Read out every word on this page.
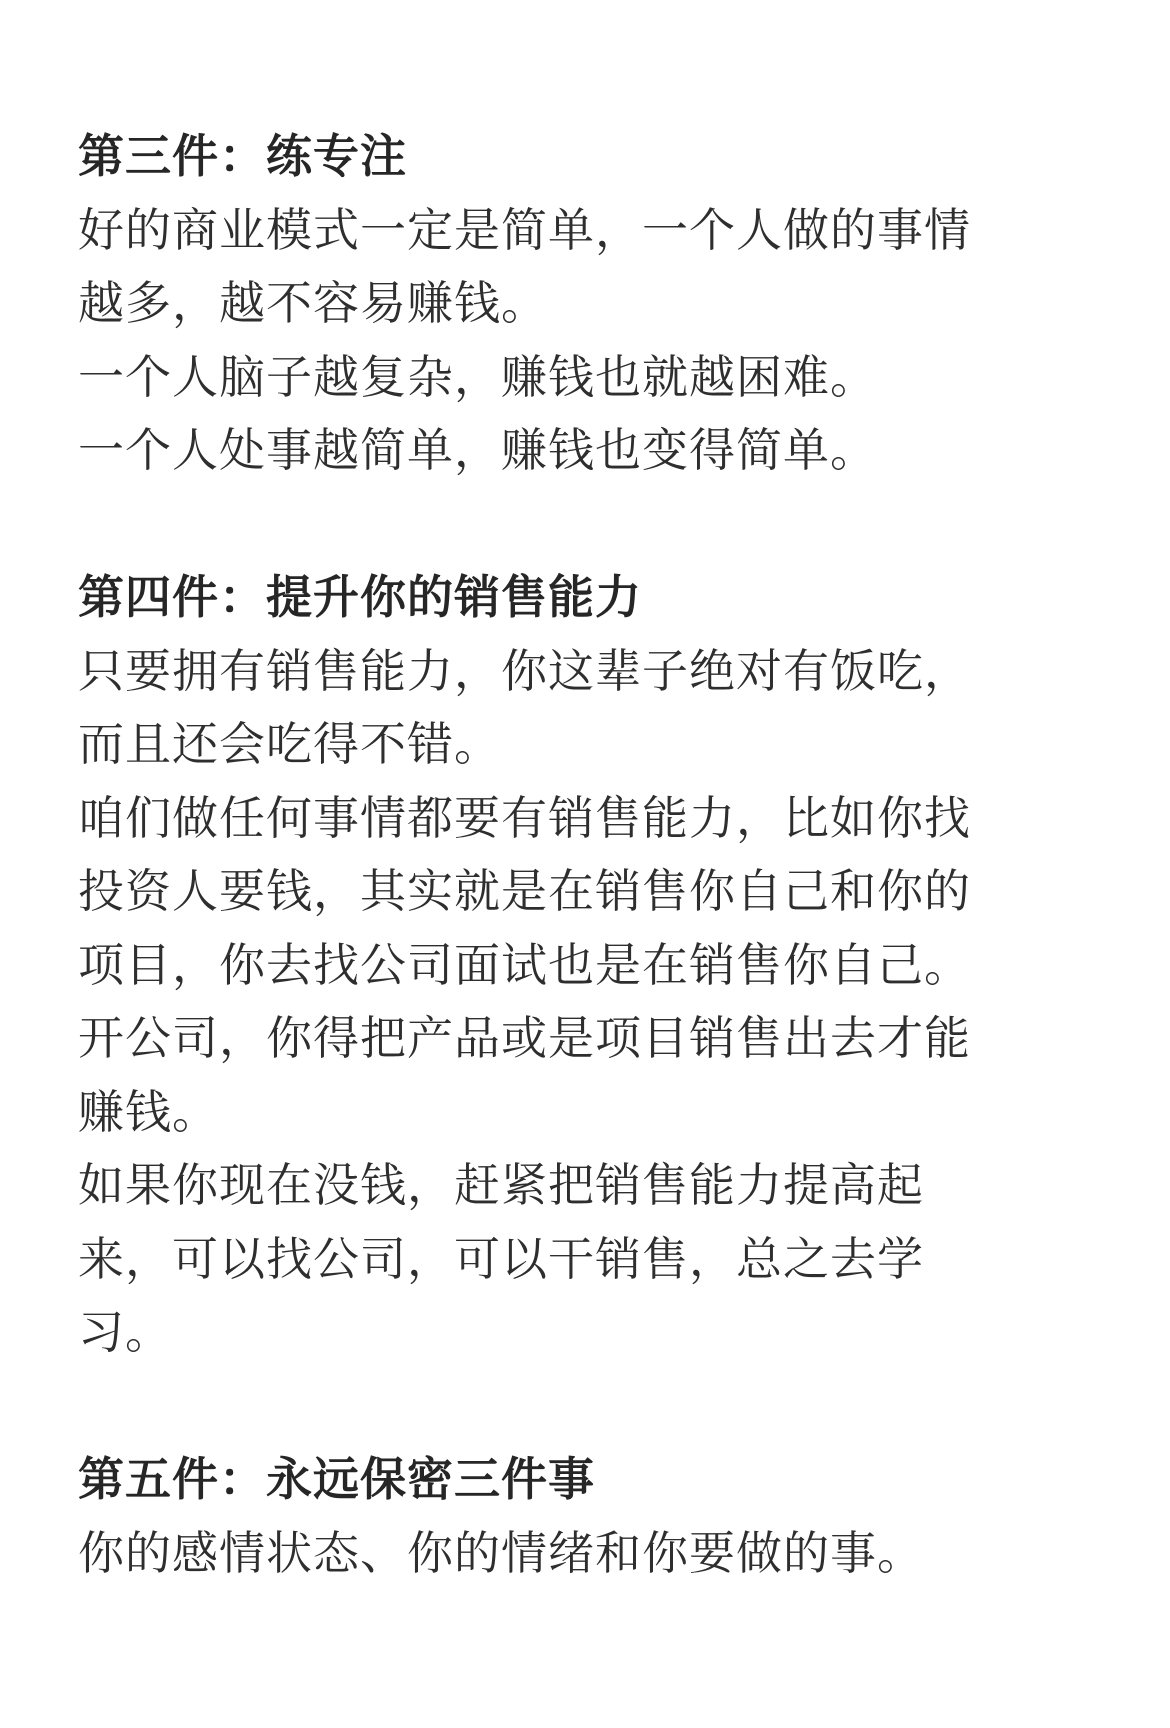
第三件：练专注
好的商业模式一定是简单，一个人做的事情
越多，越不容易赚钱。
一个人脑子越复杂，赚钱也就越困难。
一个人处事越简单，赚钱也变得简单。
第四件：提升你的销售能力
只要拥有销售能力，你这辈子绝对有饭吃，
而且还会吃得不错。
咱们做任何事情都要有销售能力，比如你找
投资人要钱，其实就是在销售你自己和你的
项目，你去找公司面试也是在销售你自己。
开公司，你得把产品或是项目销售出去才能
赚钱。
如果你现在没钱，赶紧把销售能力提高起
来，可以找公司，可以干销售，总之去学
习。
第五件：永远保密三件事
你的感情状态、你的情绪和你要做的事。
